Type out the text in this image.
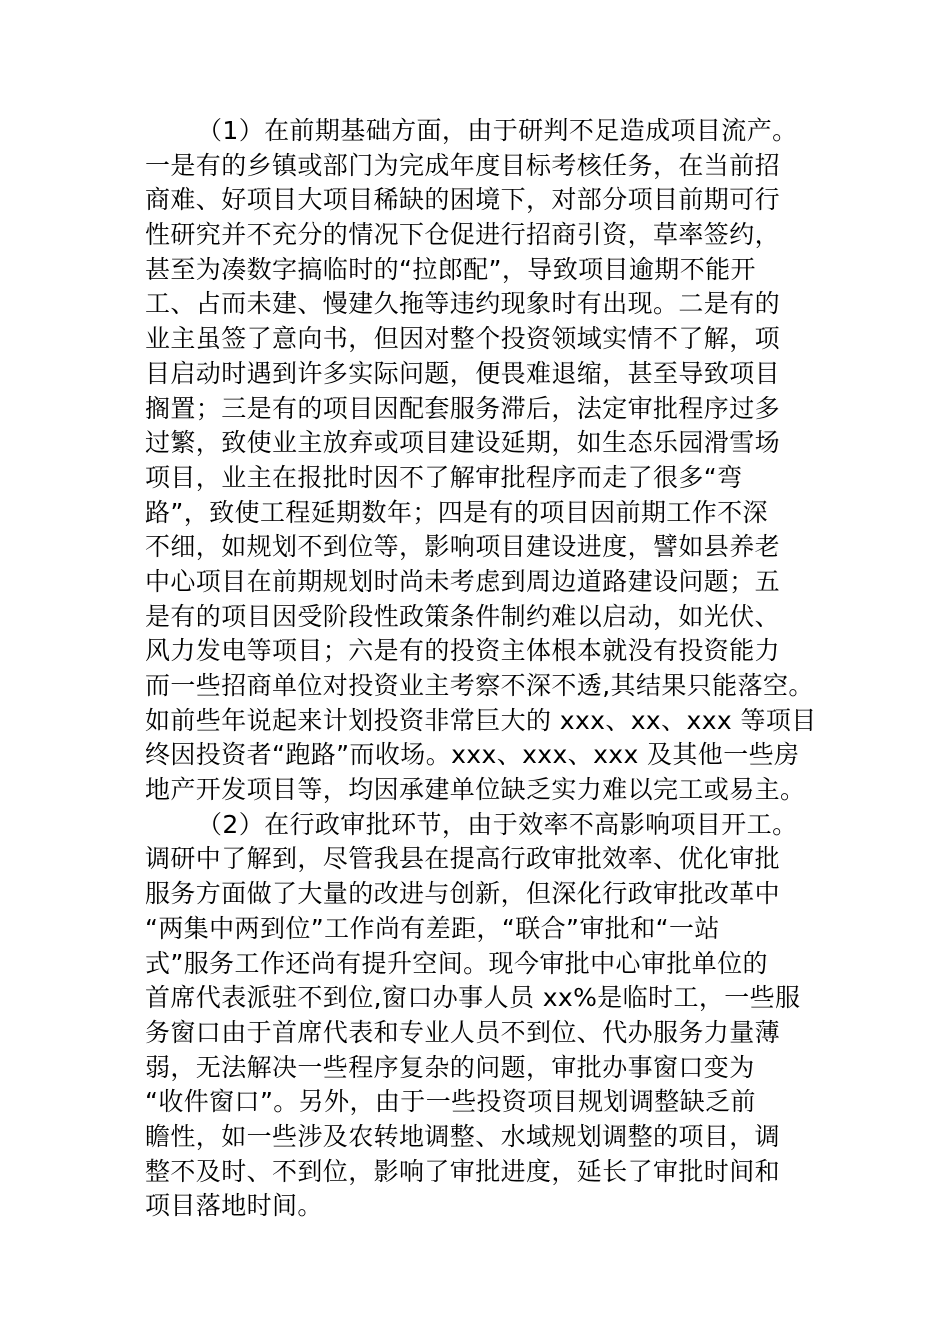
（1）在前期基础方面，由于研判不足造成项目流产。
一是有的乡镇或部门为完成年度目标考核任务，在当前招
商难、好项目大项目稀缺的困境下，对部分项目前期可行
性研究并不充分的情况下仓促进行招商引资，草率签约，
甚至为凑数字搞临时的“拉郎配”，导致项目逾期不能开
工、占而未建、慢建久拖等违约现象时有出现。二是有的
业主虽签了意向书，但因对整个投资领域实情不了解，项
目启动时遇到许多实际问题，便畏难退缩，甚至导致项目
搁置；三是有的项目因配套服务滞后，法定审批程序过多
过繁，致使业主放弃或项目建设延期，如生态乐园滑雪场
项目，业主在报批时因不了解审批程序而走了很多“弯
路”，致使工程延期数年；四是有的项目因前期工作不深
不细，如规划不到位等，影响项目建设进度，譬如县养老
中心项目在前期规划时尚未考虑到周边道路建设问题；五
是有的项目因受阶段性政策条件制约难以启动，如光伏、
风力发电等项目；六是有的投资主体根本就没有投资能力
而一些招商单位对投资业主考察不深不透,其结果只能落空。
如前些年说起来计划投资非常巨大的 xxx、xx、xxx 等项目
终因投资者“跑路”而收场。xxx、xxx、xxx 及其他一些房
地产开发项目等，均因承建单位缺乏实力难以完工或易主。
（2）在行政审批环节，由于效率不高影响项目开工。
调研中了解到，尽管我县在提高行政审批效率、优化审批
服务方面做了大量的改进与创新，但深化行政审批改革中
“两集中两到位”工作尚有差距，“联合”审批和“一站
式”服务工作还尚有提升空间。现今审批中心审批单位的
首席代表派驻不到位,窗口办事人员 xx%是临时工，一些服
务窗口由于首席代表和专业人员不到位、代办服务力量薄
弱，无法解决一些程序复杂的问题，审批办事窗口变为
“收件窗口”。另外，由于一些投资项目规划调整缺乏前
瞻性，如一些涉及农转地调整、水域规划调整的项目，调
整不及时、不到位，影响了审批进度，延长了审批时间和
项目落地时间。
